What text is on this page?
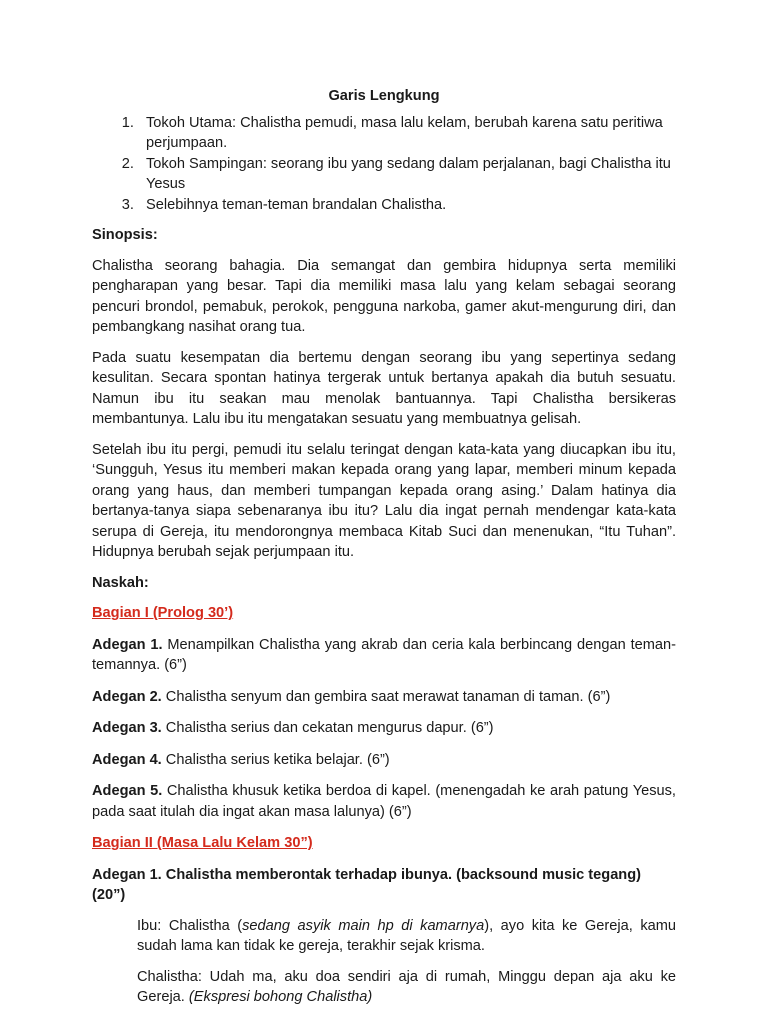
Garis Lengkung
1. Tokoh Utama: Chalistha pemudi, masa lalu kelam, berubah karena satu peritiwa perjumpaan.
2. Tokoh Sampingan: seorang ibu yang sedang dalam perjalanan, bagi Chalistha itu Yesus
3. Selebihnya teman-teman brandalan Chalistha.
Sinopsis:

Chalistha seorang bahagia. Dia semangat dan gembira hidupnya serta memiliki pengharapan yang besar. Tapi dia memiliki masa lalu yang kelam sebagai seorang pencuri brondol, pemabuk, perokok, pengguna narkoba, gamer akut-mengurung diri, dan pembangkang nasihat orang tua.

Pada suatu kesempatan dia bertemu dengan seorang ibu yang sepertinya sedang kesulitan. Secara spontan hatinya tergerak untuk bertanya apakah dia butuh sesuatu. Namun ibu itu seakan mau menolak bantuannya. Tapi Chalistha bersikeras membantunya. Lalu ibu itu mengatakan sesuatu yang membuatnya gelisah.

Setelah ibu itu pergi, pemudi itu selalu teringat dengan kata-kata yang diucapkan ibu itu, ‘Sungguh, Yesus itu memberi makan kepada orang yang lapar, memberi minum kepada orang yang haus, dan memberi tumpangan kepada orang asing.’ Dalam hatinya dia bertanya-tanya siapa sebenaranya ibu itu? Lalu dia ingat pernah mendengar kata-kata serupa di Gereja, itu mendorongnya membaca Kitab Suci dan menenukan, “Itu Tuhan”. Hidupnya berubah sejak perjumpaan itu.

Naskah:
Bagian I (Prolog 30’)
Adegan 1. Menampilkan Chalistha yang akrab dan ceria kala berbincang dengan teman-temannya. (6”)
Adegan 2. Chalistha senyum dan gembira saat merawat tanaman di taman. (6”)
Adegan 3. Chalistha serius dan cekatan mengurus dapur. (6”)
Adegan 4. Chalistha serius ketika belajar. (6”)
Adegan 5. Chalistha khusuk ketika berdoa di kapel. (menengadah ke arah patung Yesus, pada saat itulah dia ingat akan masa lalunya) (6”)
Bagian II (Masa Lalu Kelam 30”)
Adegan 1. Chalistha memberontak terhadap ibunya. (backsound music tegang) (20”)
Ibu: Chalistha (sedang asyik main hp di kamarnya), ayo kita ke Gereja, kamu sudah lama kan tidak ke gereja, terakhir sejak krisma.
Chalistha: Udah ma, aku doa sendiri aja di rumah, Minggu depan aja aku ke Gereja. (Ekspresi bohong Chalistha)
